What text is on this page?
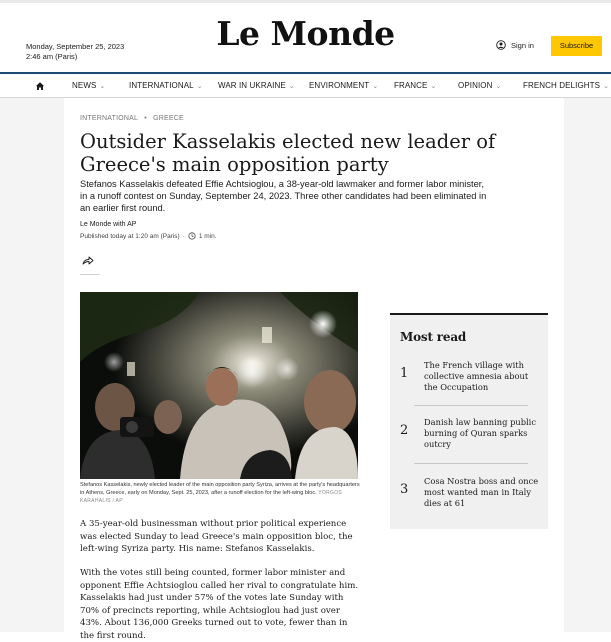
Monday, September 25, 2023
2:46 am (Paris)
Le Monde	Sign in	Subscribe
NEWS ⌄	INTERNATIONAL ⌄ WAR IN UKRAINE ⌄ ENVIRONMENT ⌄ FRANCE ⌄	OPINION ⌄	FRENCH DELIGHTS ⌄
INTERNATIONAL • GREECE
Outsider Kasselakis elected new leader of Greece's main opposition party

Stefanos Kasselakis defeated Effie Achtsioglou, a 38-year-old lawmaker and former labor minister, in a runoff contest on Sunday, September 24, 2023. Three other candidates had been eliminated in an earlier first round.

Le Monde with AP
Published today at 1:20 am (Paris) · 1 min.
Stefanos Kasselakis, newly elected leader of the main opposition party Syriza, arrives at the party's headquarters in Athens, Greece, early on Monday, Sept. 25, 2023, after a runoff election for the left-wing bloc. YORGOS KARAHALIS / AP

A 35-year-old businessman without prior political experience was elected Sunday to lead Greece's main opposition bloc, the left-wing Syriza party. His name: Stefanos Kasselakis.

With the votes still being counted, former labor minister and opponent Effie Achtsioglou called her rival to congratulate him. Kasselakis had just under 57% of the votes late Sunday with 70% of precincts reporting, while Achtsioglou had just over 43%. About 136,000 Greeks turned out to vote, fewer than in the first round.

Most read
1
The French village with collective amnesia about the Occupation
2
Danish law banning public burning of Quran sparks outcry
3
Cosa Nostra boss and once most wanted man in Italy dies at 61
